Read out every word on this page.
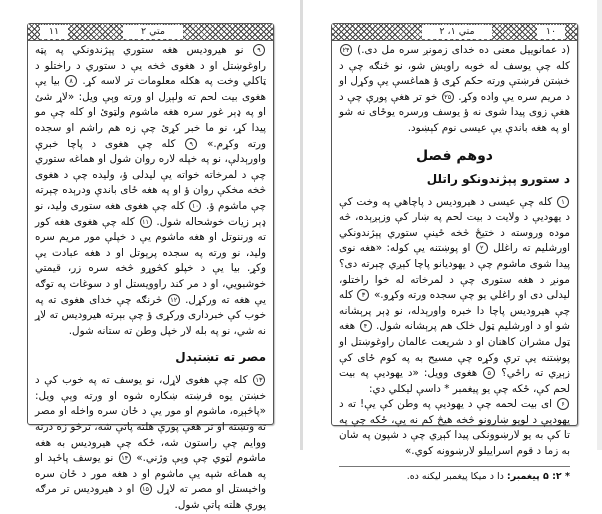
۱۱	متي ۲

۹ نو هیرودیس هغه ستوري پېژندونکي په پټه راوغوښتل او د هغوی څخه یې د ستوري د راختلو د ټاکلي وخت په هکله معلومات تر لاسه کړ. ۸ بیا یې هغوی بیت لحم ته ولېږل او ورته وېې ویل: «لاړ شئ او په ډېر غور سره هغه ماشوم ولټوئ او کله چې مو پیدا کړ، نو ما خبر کړئ چې زه هم راشم او سجده ورته وکړم.» ۹ کله چې هغوی د پاچا خبرې واورېدلې، نو په خپله لاره روان شول او هماغه ستوري چې د لمرخاته خواته یې لیدلی ؤ، ولیده چې د هغوی څخه مخکې روان ؤ او په هغه ځای باندې ودرېده چېرته چې ماشوم ؤ. ۱۰ کله چې هغوی هغه ستوری ولید، نو ډېر زیات خوشحاله شول. ۱۱ کله چې هغوی هغه کور ته ورننوتل او هغه ماشوم یې د خپلې مور مریم سره ولید، نو ورته په سجده پرېوتل او د هغه عبادت یې وکړ. بیا یې د خپلو کڅوړو څخه سره زر، قیمتي خوشبویي، او د مر کند راوویستل او د سوغات په توګه یې هغه ته ورکړل. ۱۲ څرنګه چې خدای هغوی ته په خوب کې خبرداری ورکړی ؤ چې بېرته هیرودیس ته لاړ نه شي، نو په بله لار خپل وطن ته ستانه شول.

مصر ته تښتېدل

۱۳ کله چې هغوی لاړل، نو یوسف ته په خوب کې د خښتن یوه فرښته ښکاره شوه او ورته وېې ویل: «پاڅېږه، ماشوم او مور یې د ځان سره واخله او مصر ته وتښته او تر هغې پورې هلته پاتې شه، ترڅو زه درته ووایم چې راستون شه، ځکه چې هیرودیس به هغه ماشوم لټوي چې وېې وژني.» ۱۴ نو یوسف پاڅېد او په هماغه شپه یې ماشوم او د هغه مور د ځان سره واخیستل او مصر ته لاړل ۱۵ او د هیرودیس تر مرګه پورې هلته پاتې شول.

متي ۱، ۲	۱۰

(د عمانوییل معنی ده خدای زمونږ سره مل دی.) ۲۴ کله چې یوسف له خوبه راویښ شو، نو څنګه چې د خښتن فرښتې ورته حکم کړی ؤ هماغسې یې وکړل او د مریم سره یې واده وکړ. ۲۵ خو تر هغې پورې چې د هغې زوی پیدا شوی نه ؤ یوسف ورسره یوځای نه شو او په هغه باندې یې عیسی نوم کېښود.

دوهم فصل
د ستورو پېژندونکو راتلل

۱ کله چې عیسی د هیرودیس د پاچاهي په وخت کې د یهودیې د ولایت د بیت لحم په ښار کې وزېږېده، څه موده وروسته د ختیځ څخه ځینې ستوري پېژندونکي اورشلیم ته راغلل ۲ او پوښتنه یې کوله: «هغه نوی پیدا شوی ماشوم چې د یهودیانو پاچا کېږي چېرته دی؟ مونږ د هغه ستوری چې د لمرخاته له خوا راختلو، لیدلی دی او راغلي یو چې سجده ورته وکړو.» ۳ کله چې هیرودیس پاچا دا خبره واورېدله، نو ډېر پرېشانه شو او د اورشلیم ټول خلک هم پرېشانه شول. ۴ هغه ټول مشران کاهنان او د شریعت عالمان راوغوښتل او پوښتنه یې ترې وکړه چې مسیح به په کوم ځای کې زېږي ته راځي؟ ۵ هغوی وویل: «د یهودیې په بیت لحم کې، ځکه چې یو پیغمبر * داسې لیکلي دي:

۶ ای بیت لحمه چې د یهودیې په وطن کې یې! ته د یهودیې د لویو ښارونو څخه هیڅ کم نه یې، ځکه چې په تا کې به یو لارښوونکی پیدا کېږي چې د شپون په شان به زما د قوم اسراییلو لارښوونه کوي.»

* ۲: ۵ پیغمبر: دا د میکا پیغمبر لیکنه ده.
